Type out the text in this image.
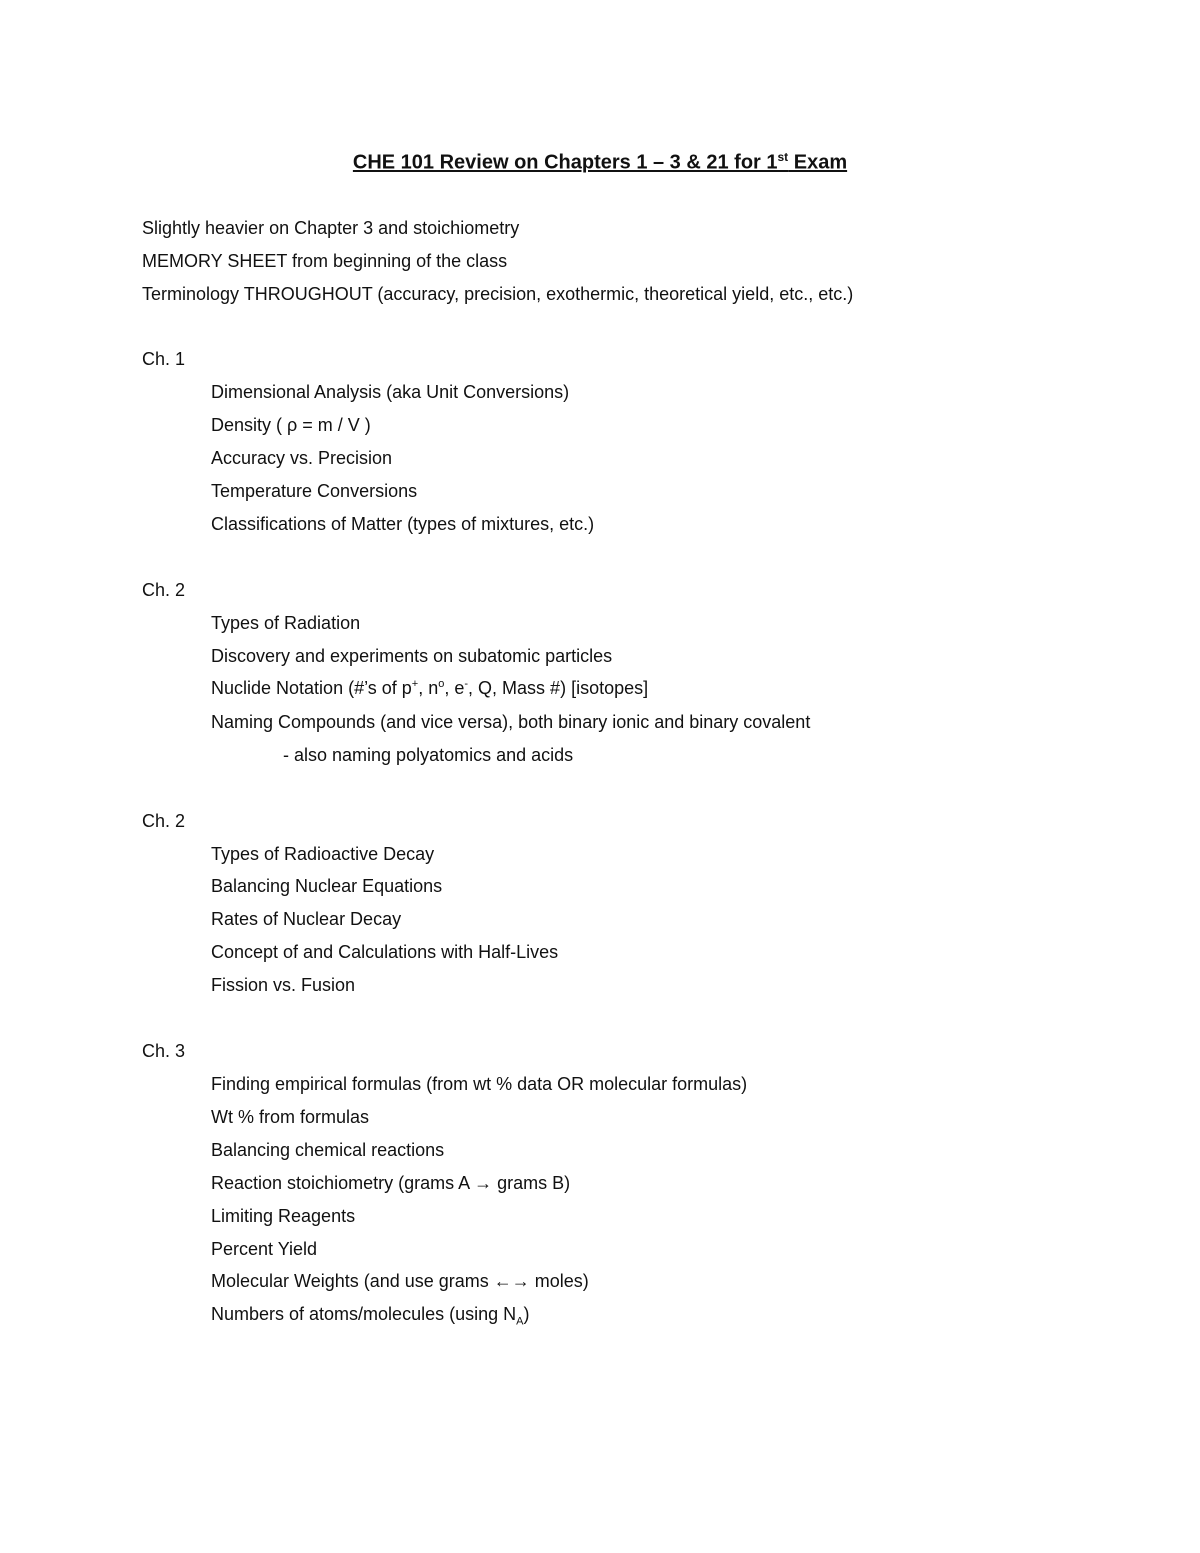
CHE 101 Review on Chapters 1 – 3 & 21 for 1st Exam
Slightly heavier on Chapter 3 and stoichiometry
MEMORY SHEET from beginning of the class
Terminology THROUGHOUT (accuracy, precision, exothermic, theoretical yield, etc., etc.)
Ch. 1
Dimensional Analysis (aka Unit Conversions)
Density ( ρ = m / V )
Accuracy vs. Precision
Temperature Conversions
Classifications of Matter (types of mixtures, etc.)
Ch. 2
Types of Radiation
Discovery and experiments on subatomic particles
Nuclide Notation (#’s of p+, $n^o$, e-, Q, Mass #) [isotopes]
Naming Compounds (and vice versa), both binary ionic and binary covalent
- also naming polyatomics and acids
Ch. 2
Types of Radioactive Decay
Balancing Nuclear Equations
Rates of Nuclear Decay
Concept of and Calculations with Half-Lives
Fission vs. Fusion
Ch. 3
Finding empirical formulas (from wt % data OR molecular formulas)
Wt % from formulas
Balancing chemical reactions
Reaction stoichiometry (grams A → grams B)
Limiting Reagents
Percent Yield
Molecular Weights (and use grams ←→ moles)
Numbers of atoms/molecules (using $N_A$)
